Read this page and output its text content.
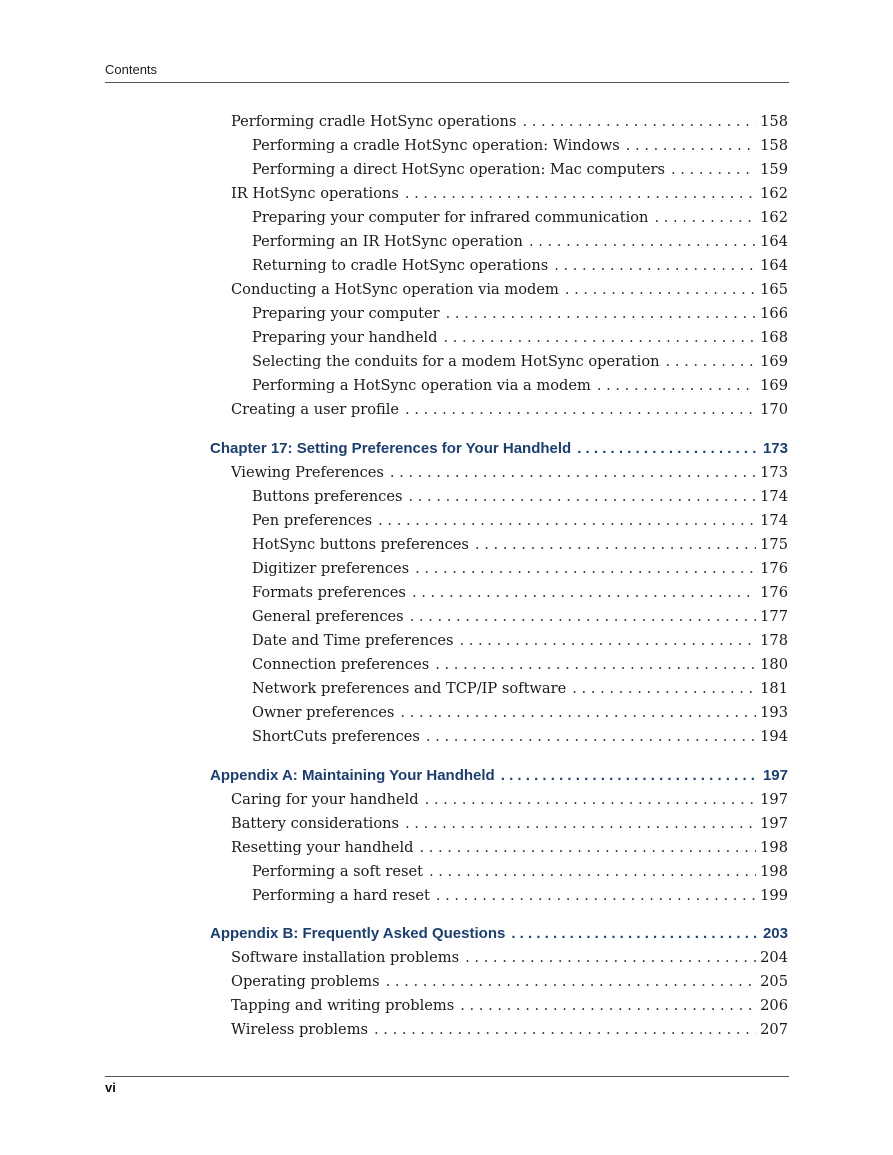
Contents
Performing cradle HotSync operations . . .	158
Performing a cradle HotSync operation: Windows . . .	158
Performing a direct HotSync operation: Mac computers . . .	159
IR HotSync operations . . .	162
Preparing your computer for infrared communication . . .	162
Performing an IR HotSync operation . . .	164
Returning to cradle HotSync operations . . .	164
Conducting a HotSync operation via modem . . .	165
Preparing your computer . . .	166
Preparing your handheld . . .	168
Selecting the conduits for a modem HotSync operation . . .	169
Performing a HotSync operation via a modem . . .	169
Creating a user profile . . .	170
Chapter 17: Setting Preferences for Your Handheld . . .	173
Viewing Preferences . . .	173
Buttons preferences . . .	174
Pen preferences . . .	174
HotSync buttons preferences . . .	175
Digitizer preferences . . .	176
Formats preferences . . .	176
General preferences . . .	177
Date and Time preferences . . .	178
Connection preferences . . .	180
Network preferences and TCP/IP software . . .	181
Owner preferences . . .	193
ShortCuts preferences . . .	194
Appendix A: Maintaining Your Handheld . . .	197
Caring for your handheld . . .	197
Battery considerations . . .	197
Resetting your handheld . . .	198
Performing a soft reset . . .	198
Performing a hard reset . . .	199
Appendix B: Frequently Asked Questions . . .	203
Software installation problems . . .	204
Operating problems . . .	205
Tapping and writing problems . . .	206
Wireless problems . . .	207
vi
